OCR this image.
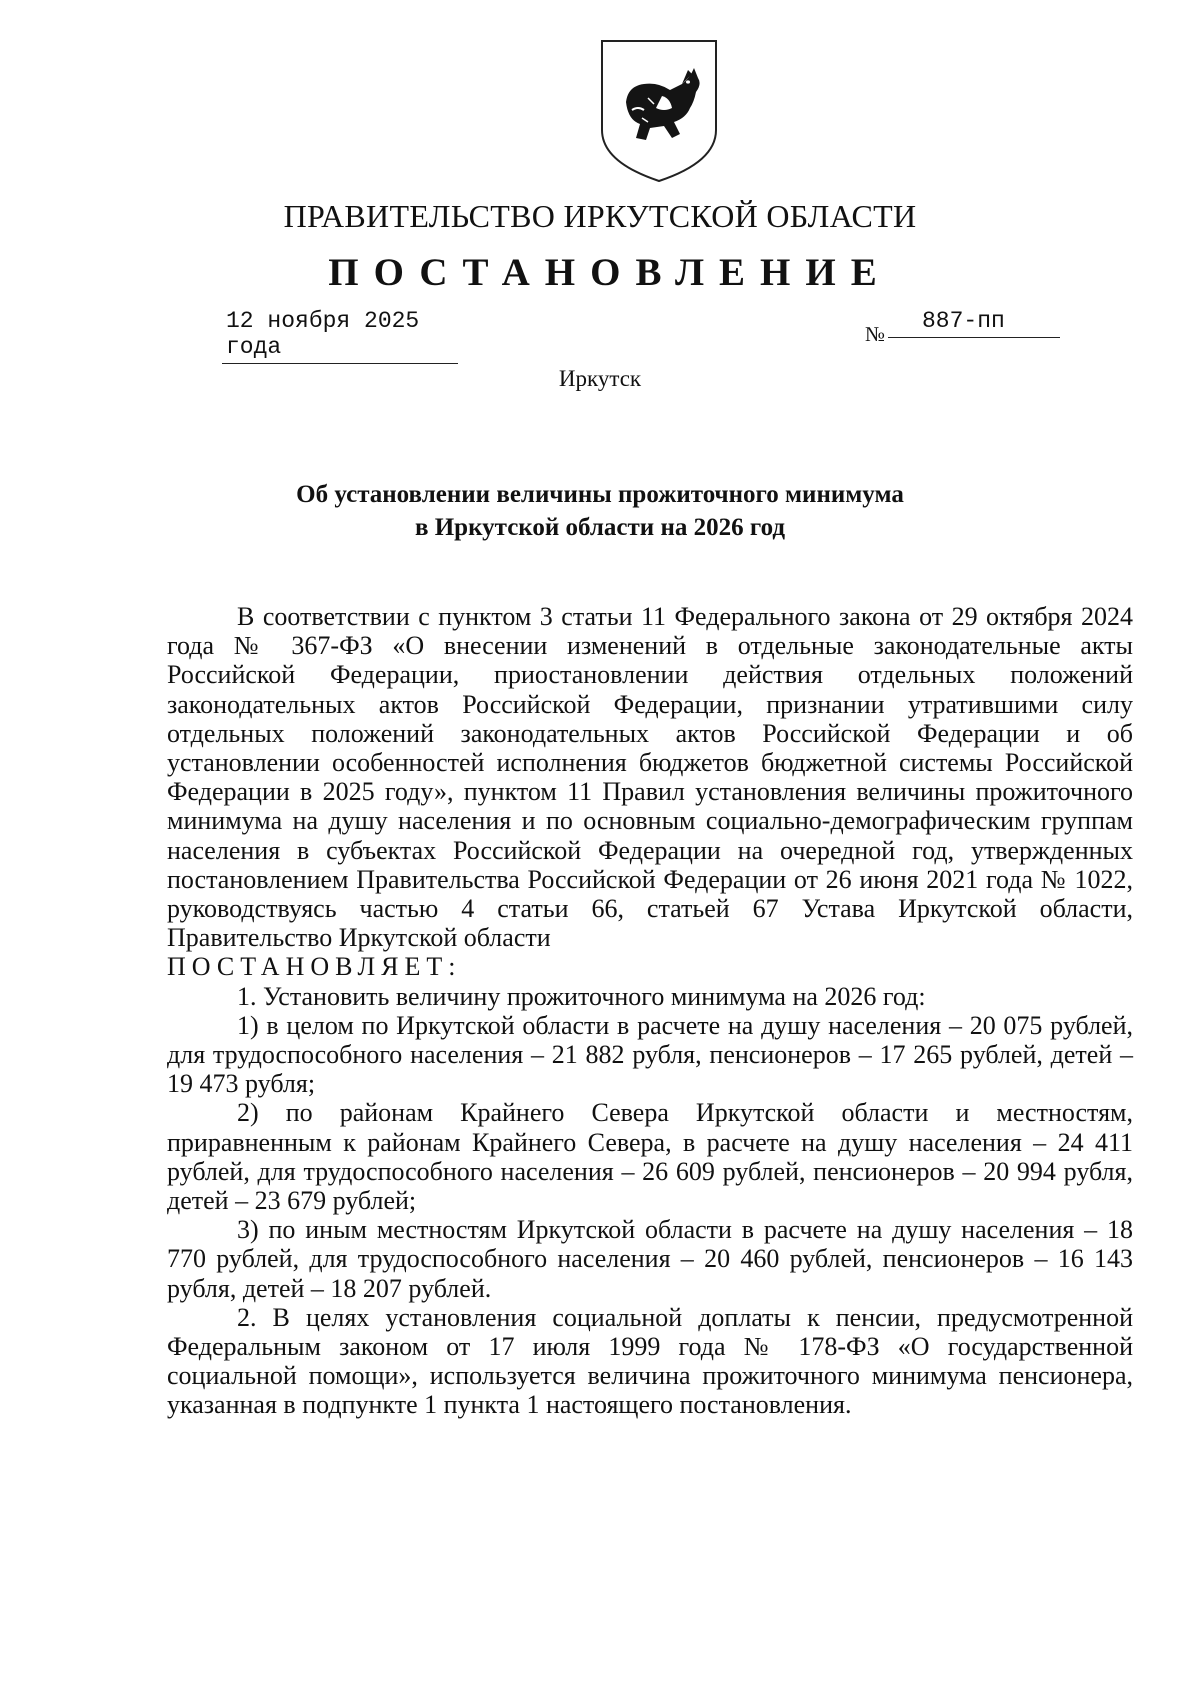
ПРАВИТЕЛЬСТВО ИРКУТСКОЙ ОБЛАСТИ
ПОСТАНОВЛЕНИЕ
12 ноября 2025 года	№	887-пп
Иркутск
Об установлении величины прожиточного минимума
в Иркутской области на 2026 год

В соответствии с пунктом 3 статьи 11 Федерального закона от 29 октября 2024 года № 367-ФЗ «О внесении изменений в отдельные законодательные акты Российской Федерации, приостановлении действия отдельных положений законодательных актов Российской Федерации, признании утратившими силу отдельных положений законодательных актов Российской Федерации и об установлении особенностей исполнения бюджетов бюджетной системы Российской Федерации в 2025 году», пунктом 11 Правил установления величины прожиточного минимума на душу населения и по основным социально-демографическим группам населения в субъектах Российской Федерации на очередной год, утвержденных постановлением Правительства Российской Федерации от 26 июня 2021 года № 1022, руководствуясь частью 4 статьи 66, статьей 67 Устава Иркутской области, Правительство Иркутской области

ПОСТАНОВЛЯЕТ:

1. Установить величину прожиточного минимума на 2026 год:

1) в целом по Иркутской области в расчете на душу населения – 20 075 рублей, для трудоспособного населения – 21 882 рубля, пенсионеров – 17 265 рублей, детей – 19 473 рубля;

2) по районам Крайнего Севера Иркутской области и местностям, приравненным к районам Крайнего Севера, в расчете на душу населения – 24 411 рублей, для трудоспособного населения – 26 609 рублей, пенсионеров – 20 994 рубля, детей – 23 679 рублей;

3) по иным местностям Иркутской области в расчете на душу населения – 18 770 рублей, для трудоспособного населения – 20 460 рублей, пенсионеров – 16 143 рубля, детей – 18 207 рублей.

2. В целях установления социальной доплаты к пенсии, предусмотренной Федеральным законом от 17 июля 1999 года № 178-ФЗ «О государственной социальной помощи», используется величина прожиточного минимума пенсионера, указанная в подпункте 1 пункта 1 настоящего постановления.
